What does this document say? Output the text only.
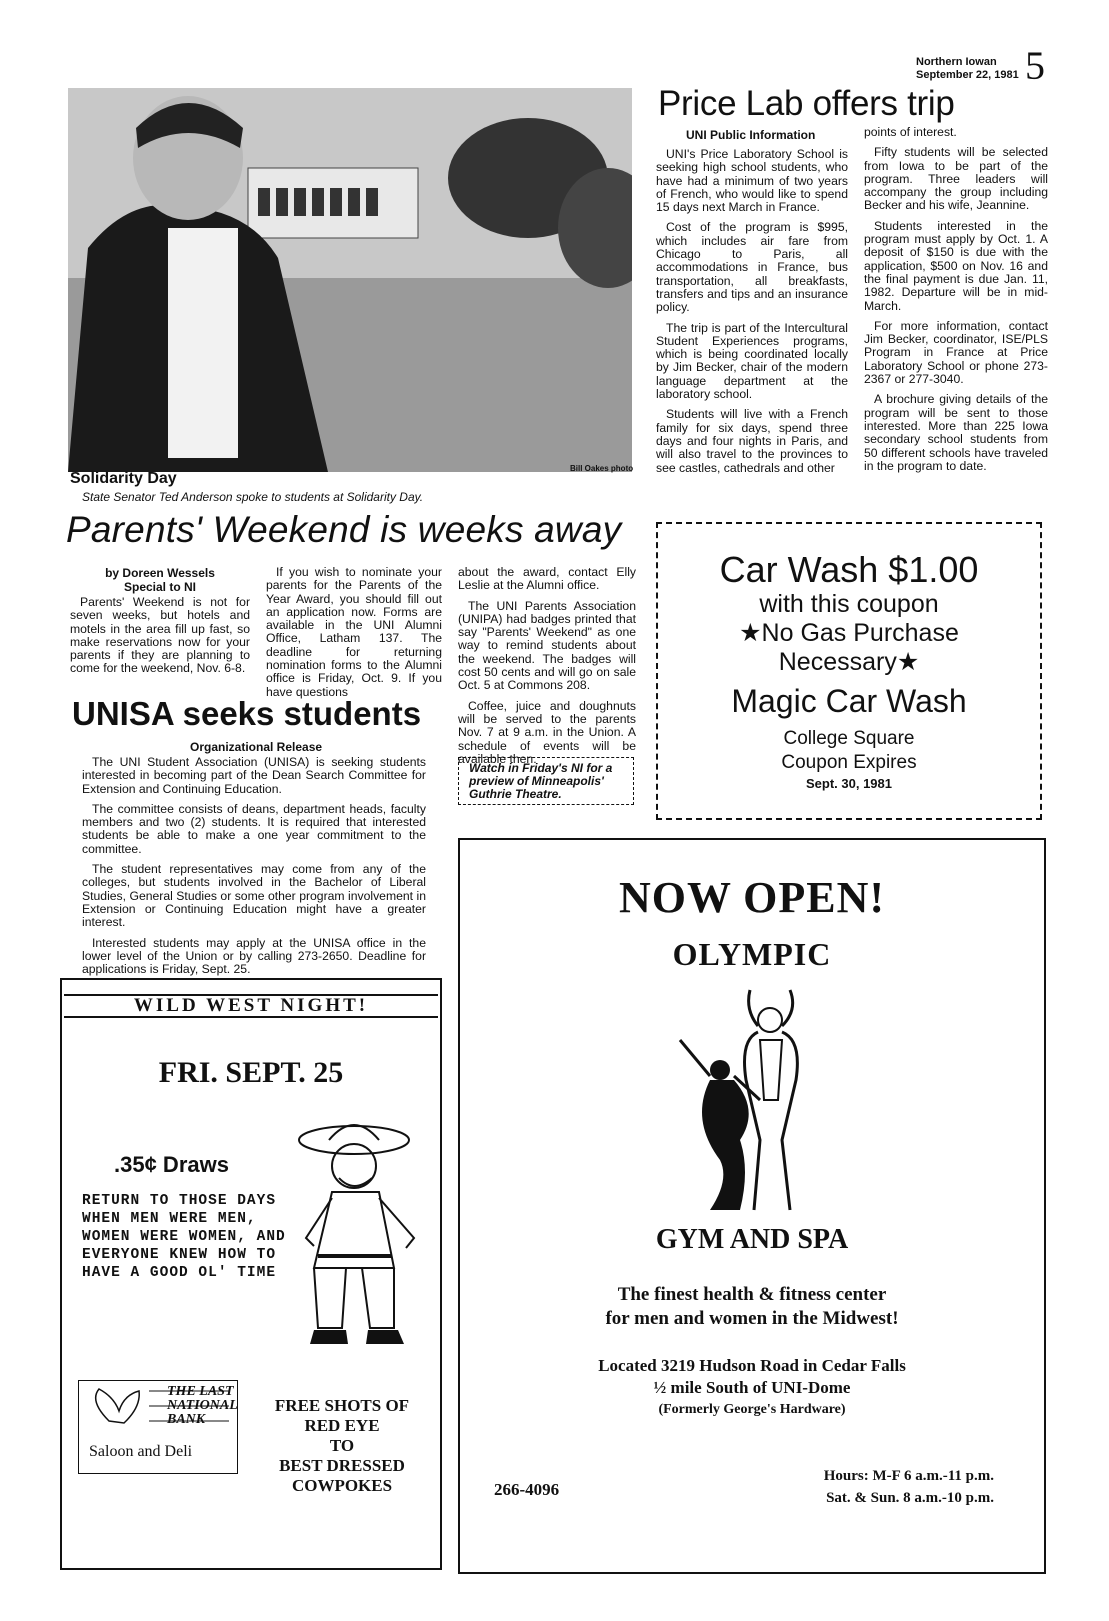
Northern Iowan
September 22, 1981 5
Bill Oakes photo
Solidarity Day
State Senator Ted Anderson spoke to students at Solidarity Day.
Price Lab offers trip
UNI Public Information

UNI's Price Laboratory School is seeking high school students, who have had a minimum of two years of French, who would like to spend 15 days next March in France.

Cost of the program is $995, which includes air fare from Chicago to Paris, all accommodations in France, bus transportation, all breakfasts, transfers and tips and an insurance policy.

The trip is part of the Intercultural Student Experiences programs, which is being coordinated locally by Jim Becker, chair of the modern language department at the laboratory school.

Students will live with a French family for six days, spend three days and four nights in Paris, and will also travel to the provinces to see castles, cathedrals and other

points of interest.

Fifty students will be selected from Iowa to be part of the program. Three leaders will accompany the group including Becker and his wife, Jeannine.

Students interested in the program must apply by Oct. 1. A deposit of $150 is due with the application, $500 on Nov. 16 and the final payment is due Jan. 11, 1982. Departure will be in mid-March.

For more information, contact Jim Becker, coordinator, ISE/PLS Program in France at Price Laboratory School or phone 273-2367 or 277-3040.

A brochure giving details of the program will be sent to those interested. More than 225 Iowa secondary school students from 50 different schools have traveled in the program to date.

Parents' Weekend is weeks away
by Doreen Wessels
Special to NI

Parents' Weekend is not for seven weeks, but hotels and motels in the area fill up fast, so make reservations now for your parents if they are planning to come for the weekend, Nov. 6-8.

If you wish to nominate your parents for the Parents of the Year Award, you should fill out an application now. Forms are available in the UNI Alumni Office, Latham 137. The deadline for returning nomination forms to the Alumni office is Friday, Oct. 9. If you have questions

about the award, contact Elly Leslie at the Alumni office.

The UNI Parents Association (UNIPA) had badges printed that say "Parents' Weekend" as one way to remind students about the weekend. The badges will cost 50 cents and will go on sale Oct. 5 at Commons 208.

Coffee, juice and doughnuts will be served to the parents Nov. 7 at 9 a.m. in the Union. A schedule of events will be available then.

Watch in Friday's NI for a preview of Minneapolis' Guthrie Theatre.
UNISA seeks students
Organizational Release

The UNI Student Association (UNISA) is seeking students interested in becoming part of the Dean Search Committee for Extension and Continuing Education.

The committee consists of deans, department heads, faculty members and two (2) students. It is required that interested students be able to make a one year commitment to the committee.

The student representatives may come from any of the colleges, but students involved in the Bachelor of Liberal Studies, General Studies or some other program involvement in Extension or Continuing Education might have a greater interest.

Interested students may apply at the UNISA office in the lower level of the Union or by calling 273-2650. Deadline for applications is Friday, Sept. 25.

Car Wash $1.00
with this coupon
★No Gas Purchase
Necessary★
Magic Car Wash
College Square
Coupon Expires
Sept. 30, 1981
WILD WEST NIGHT!
FRI. SEPT. 25
.35¢ Draws
RETURN TO THOSE DAYS WHEN MEN WERE MEN, WOMEN WERE WOMEN, AND EVERYONE KNEW HOW TO HAVE A GOOD OL' TIME
THE LAST NATIONAL BANK
Saloon and Deli
FREE SHOTS OF
RED EYE
TO
BEST DRESSED
COWPOKES
NOW OPEN!
OLYMPIC
GYM AND SPA
The finest health & fitness center
for men and women in the Midwest!
Located 3219 Hudson Road in Cedar Falls
½ mile South of UNI-Dome
(Formerly George's Hardware)
266-4096
Hours: M-F 6 a.m.-11 p.m.
Sat. & Sun. 8 a.m.-10 p.m.
